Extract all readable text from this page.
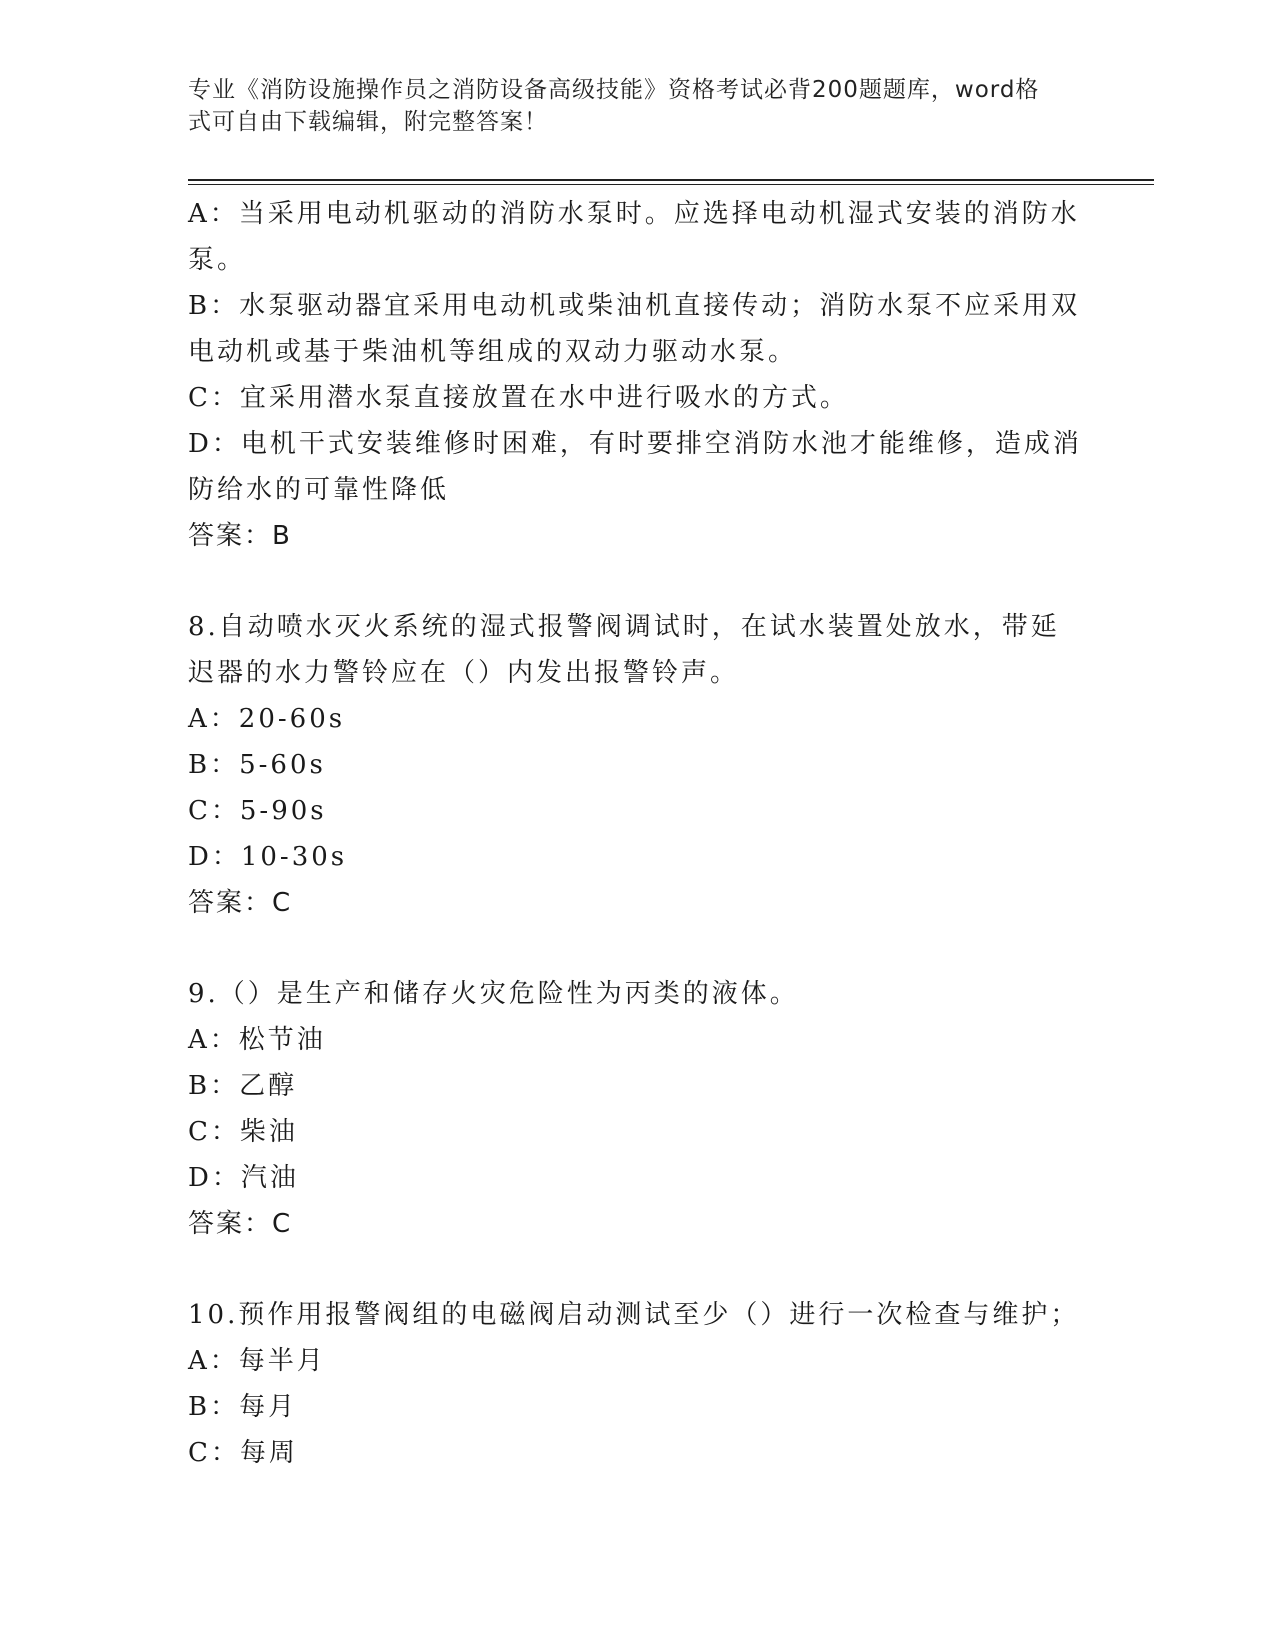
专业《消防设施操作员之消防设备高级技能》资格考试必背200题题库，word格
式可自由下载编辑，附完整答案！
A：当采用电动机驱动的消防水泵时。应选择电动机湿式安装的消防水
泵。
B：水泵驱动器宜采用电动机或柴油机直接传动；消防水泵不应采用双
电动机或基于柴油机等组成的双动力驱动水泵。
C：宜采用潜水泵直接放置在水中进行吸水的方式。
D：电机干式安装维修时困难，有时要排空消防水池才能维修，造成消
防给水的可靠性降低
答案：B
8.自动喷水灭火系统的湿式报警阀调试时，在试水装置处放水，带延
迟器的水力警铃应在（）内发出报警铃声。
A：20-60s
B：5-60s
C：5-90s
D：10-30s
答案：C
9.（）是生产和储存火灾危险性为丙类的液体。
A：松节油
B：乙醇
C：柴油
D：汽油
答案：C
10.预作用报警阀组的电磁阀启动测试至少（）进行一次检查与维护；
A：每半月
B：每月
C：每周
